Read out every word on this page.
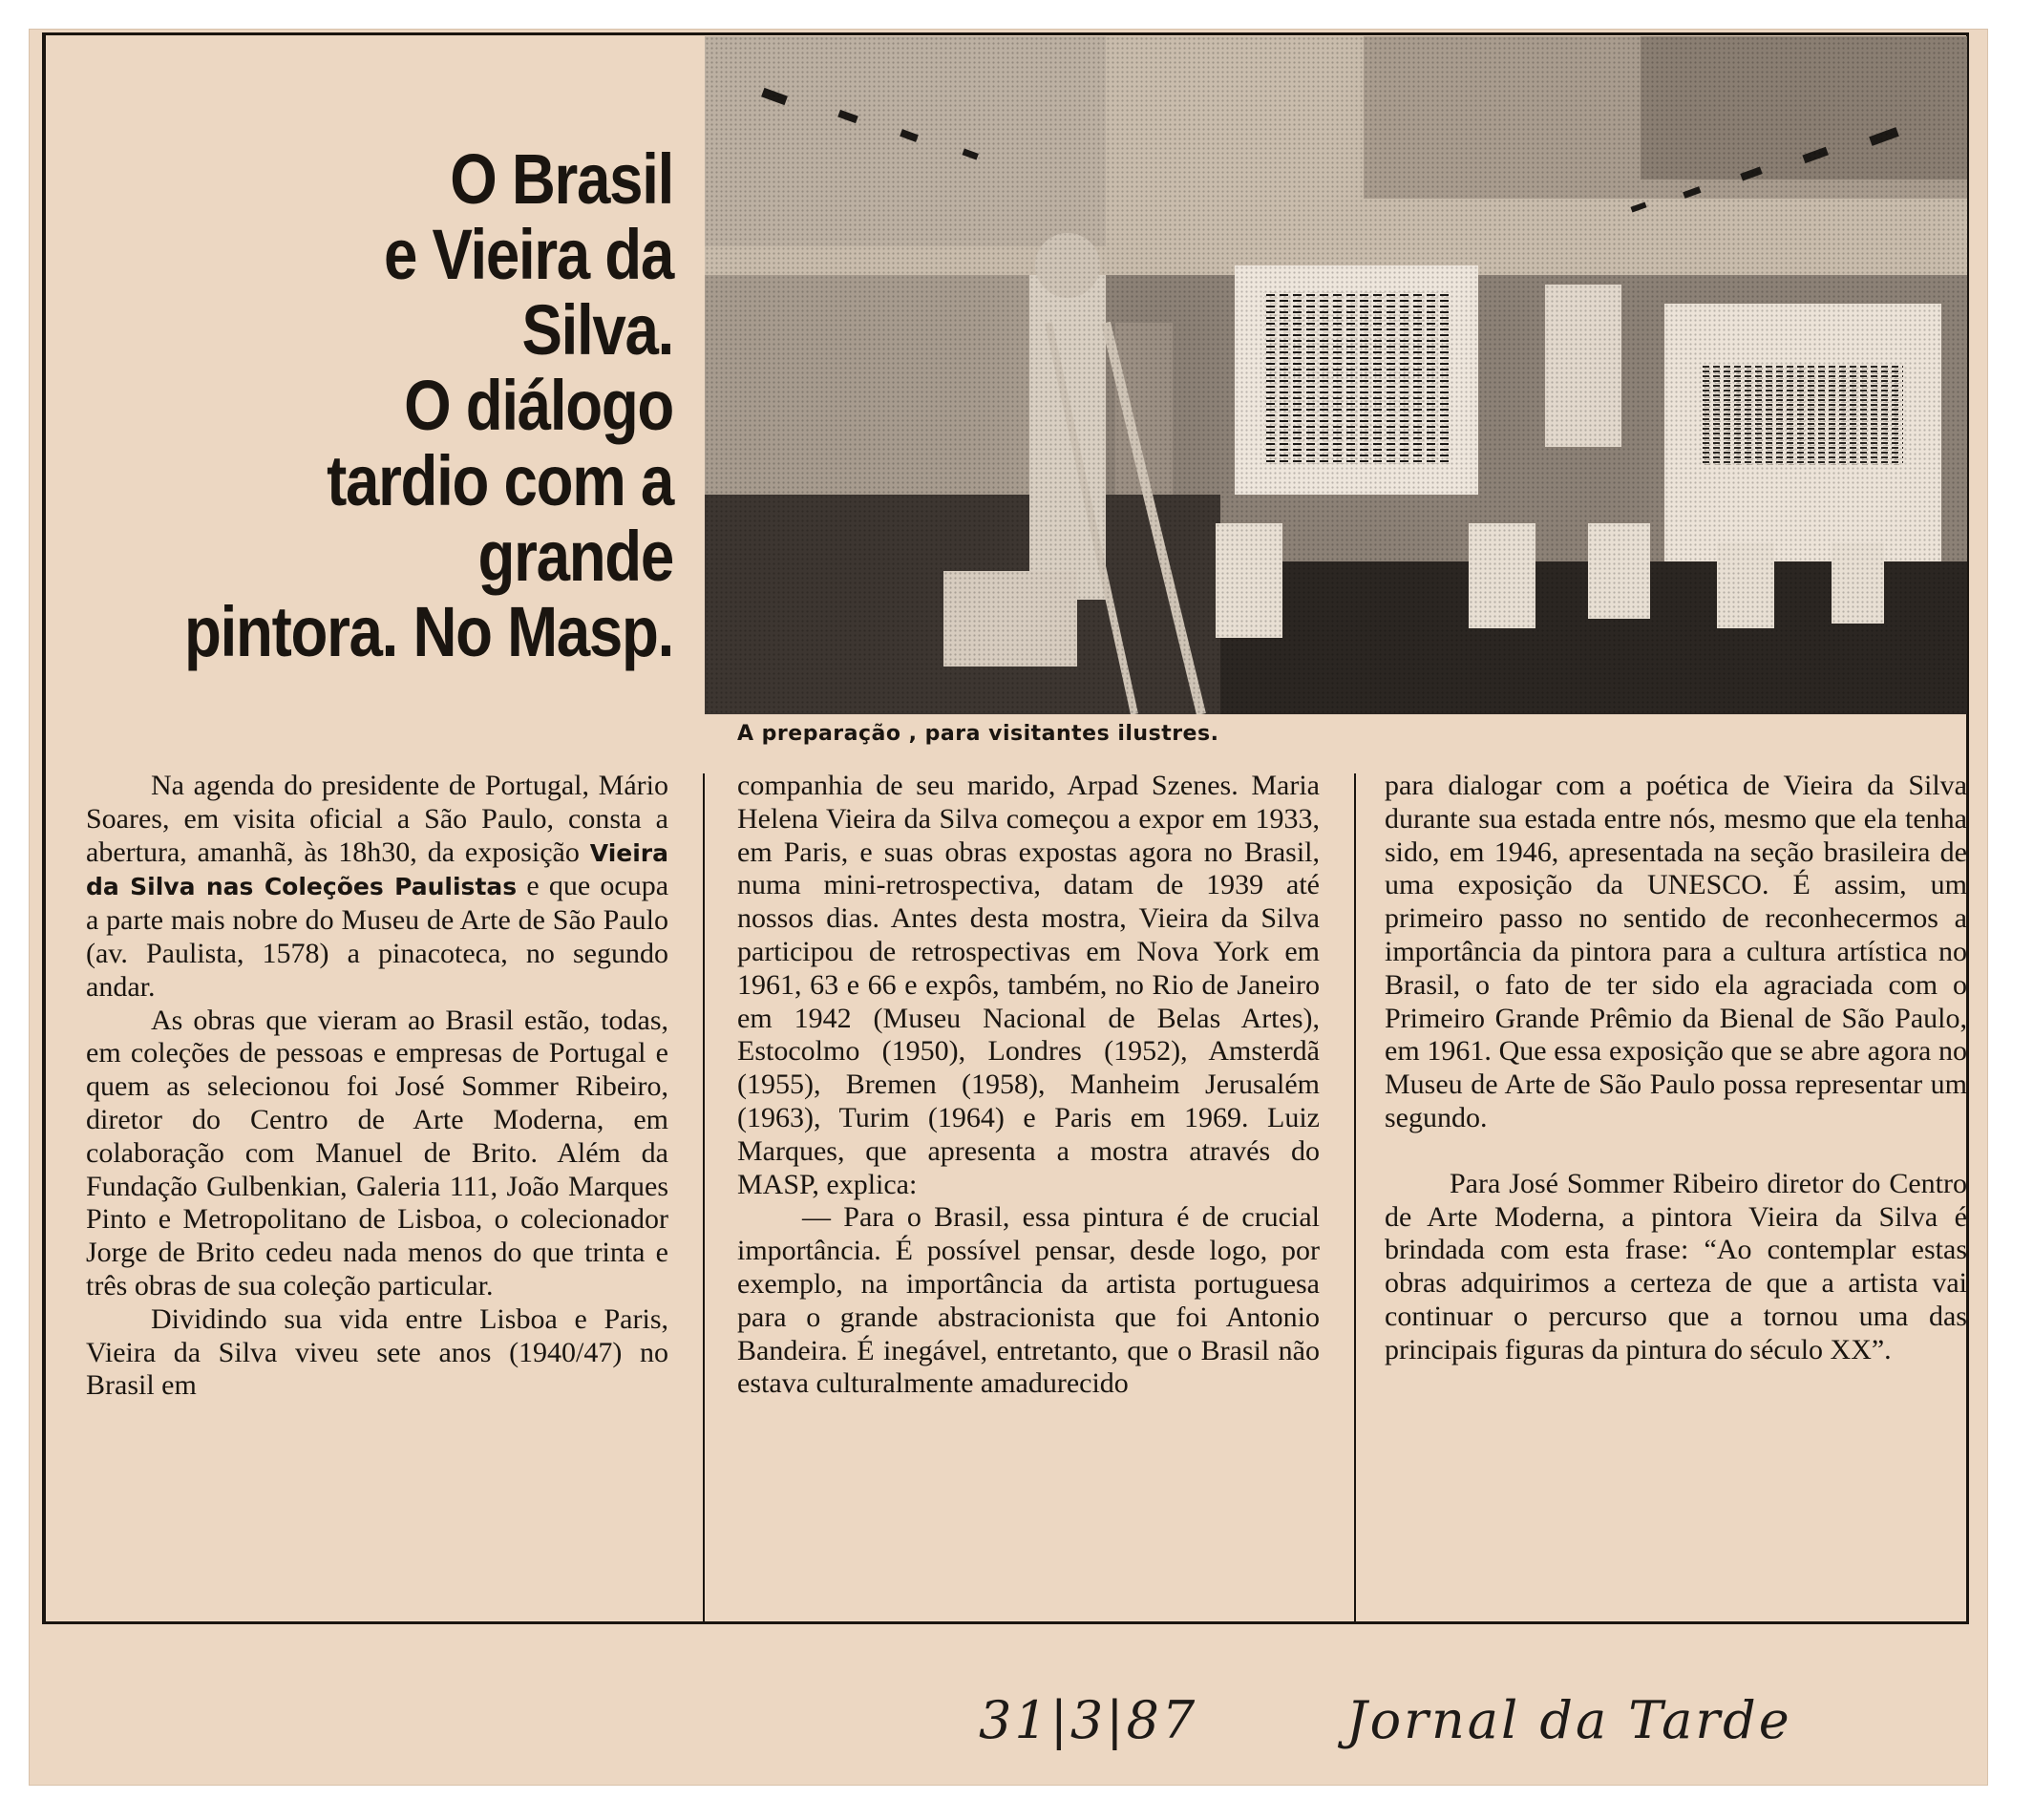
O Brasil
e Vieira da
Silva.
O diálogo
tardio com a
grande
pintora. No Masp.
A preparação , para visitantes ilustres.

Na agenda do presidente de Portugal, Mário Soares, em visita oficial a São Paulo, consta a abertura, amanhã, às 18h30, da exposição Vieira da Silva nas Coleções Paulistas e que ocupa a parte mais nobre do Museu de Arte de São Paulo (av. Paulista, 1578) a pinacoteca, no segundo andar.

As obras que vieram ao Brasil estão, todas, em coleções de pessoas e empresas de Portugal e quem as selecionou foi José Sommer Ribeiro, diretor do Centro de Arte Moderna, em colaboração com Manuel de Brito. Além da Fundação Gulbenkian, Galeria 111, João Marques Pinto e Metropolitano de Lisboa, o colecionador Jorge de Brito cedeu nada menos do que trinta e três obras de sua coleção particular.

Dividindo sua vida entre Lisboa e Paris, Vieira da Silva viveu sete anos (1940/47) no Brasil em

companhia de seu marido, Arpad Szenes. Maria Helena Vieira da Silva começou a expor em 1933, em Paris, e suas obras expostas agora no Brasil, numa mini-retrospectiva, datam de 1939 até nossos dias. Antes desta mostra, Vieira da Silva participou de retrospectivas em Nova York em 1961, 63 e 66 e expôs, também, no Rio de Janeiro em 1942 (Museu Nacional de Belas Artes), Estocolmo (1950), Londres (1952), Amsterdã (1955), Bremen (1958), Manheim Jerusalém (1963), Turim (1964) e Paris em 1969. Luiz Marques, que apresenta a mostra através do MASP, explica:

— Para o Brasil, essa pintura é de crucial importância. É possível pensar, desde logo, por exemplo, na importância da artista portuguesa para o grande abstracionista que foi Antonio Bandeira. É inegável, entretanto, que o Brasil não estava culturalmente amadurecido

para dialogar com a poética de Vieira da Silva durante sua estada entre nós, mesmo que ela tenha sido, em 1946, apresentada na seção brasileira de uma exposição da UNESCO. É assim, um primeiro passo no sentido de reconhecermos a importância da pintora para a cultura artística no Brasil, o fato de ter sido ela agraciada com o Primeiro Grande Prêmio da Bienal de São Paulo, em 1961. Que essa exposição que se abre agora no Museu de Arte de São Paulo possa representar um segundo.

Para José Sommer Ribeiro diretor do Centro de Arte Moderna, a pintora Vieira da Silva é brindada com esta frase: “Ao contemplar estas obras adquirimos a certeza de que a artista vai continuar o percurso que a tornou uma das principais figuras da pintura do século XX”.

31|3|87	Jornal da Tarde
